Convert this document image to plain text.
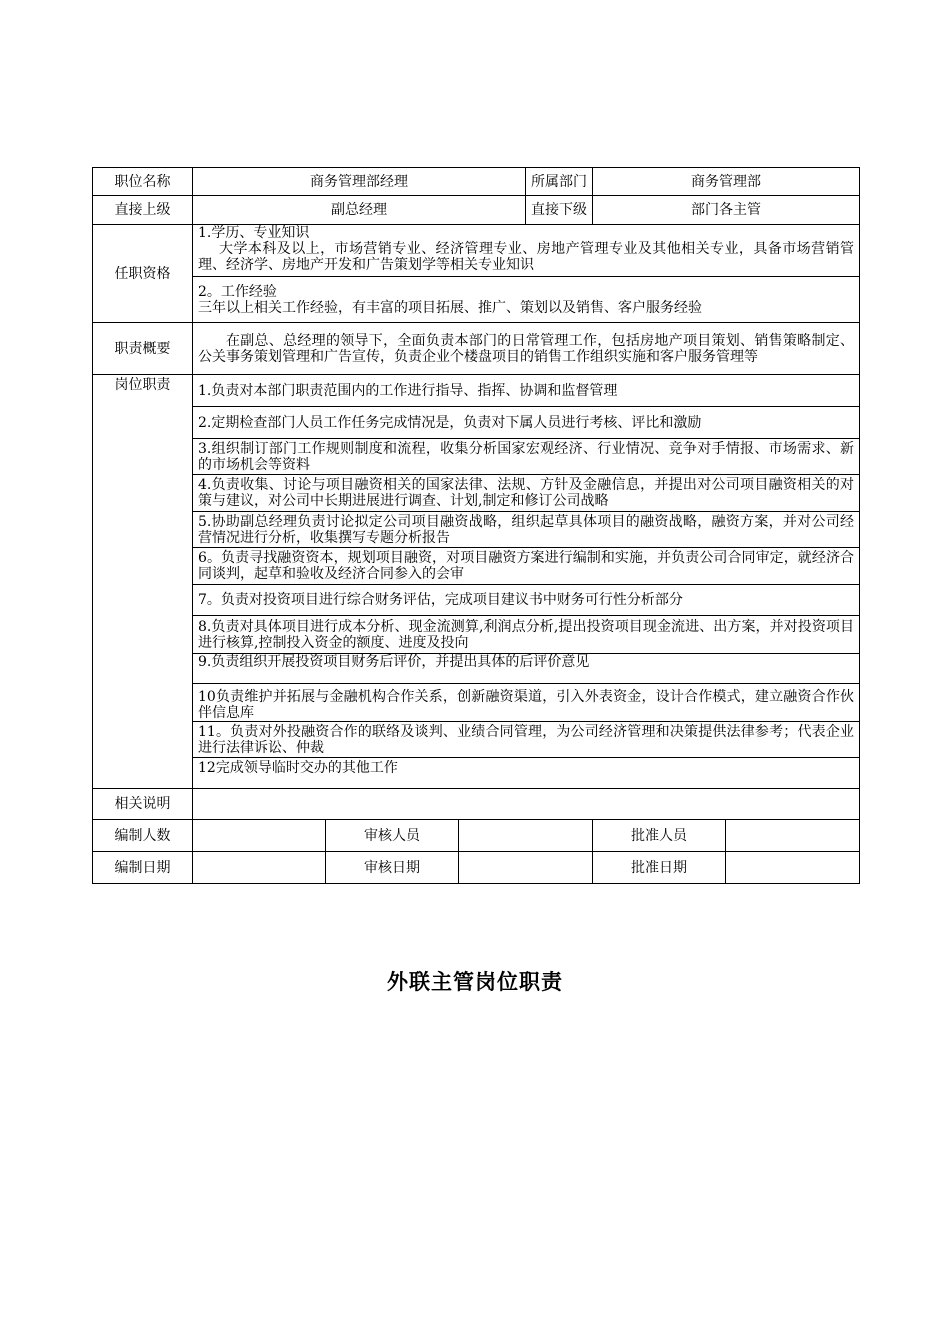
职位名称	商务管理部经理			所属部门	商务管理部	
直接上级	副总经理			直接下级	部门各主管	
任职资格	1.学历、专业知识
大学本科及以上，市场营销专业、经济管理专业、房地产管理专业及其他相关专业，具备市场营销管理、经济学、房地产开发和广告策划学等相关专业知识					

	2。工作经验
三年以上相关工作经验，有丰富的项目拓展、推广、策划以及销售、客户服务经验					

职责概要	在副总、总经理的领导下，全面负责本部门的日常管理工作，包括房地产项目策划、销售策略制定、公关事务策划管理和广告宣传，负责企业个楼盘项目的销售工作组织实施和客户服务管理等					
岗位职责	1.负责对本部门职责范围内的工作进行指导、指挥、协调和监督管理					
	2.定期检查部门人员工作任务完成情况是，负责对下属人员进行考核、评比和激励					
	3.组织制订部门工作规则制度和流程，收集分析国家宏观经济、行业情况、竞争对手情报、市场需求、新的市场机会等资料					
	4.负责收集、讨论与项目融资相关的国家法律、法规、方针及金融信息，并提出对公司项目融资相关的对策与建议，对公司中长期进展进行调查、计划,制定和修订公司战略					
	5.协助副总经理负责讨论拟定公司项目融资战略，组织起草具体项目的融资战略，融资方案，并对公司经营情况进行分析，收集撰写专题分析报告					
	6。负责寻找融资资本，规划项目融资，对项目融资方案进行编制和实施，并负责公司合同审定，就经济合同谈判，起草和验收及经济合同参入的会审					
	7。负责对投资项目进行综合财务评估，完成项目建议书中财务可行性分析部分					
	8.负责对具体项目进行成本分析、现金流测算,利润点分析,提出投资项目现金流进、出方案，并对投资项目进行核算,控制投入资金的额度、进度及投向					
	9.负责组织开展投资项目财务后评价，并提出具体的后评价意见					
	10负责维护并拓展与金融机构合作关系，创新融资渠道，引入外表资金，设计合作模式，建立融资合作伙伴信息库					
	11。负责对外投融资合作的联络及谈判、业绩合同管理，为公司经济管理和决策提供法律参考；代表企业进行法律诉讼、仲裁					
	12完成领导临时交办的其他工作					
相关说明						
编制人数		审核人员			批准人员	
编制日期		审核日期			批准日期	
外联主管岗位职责
